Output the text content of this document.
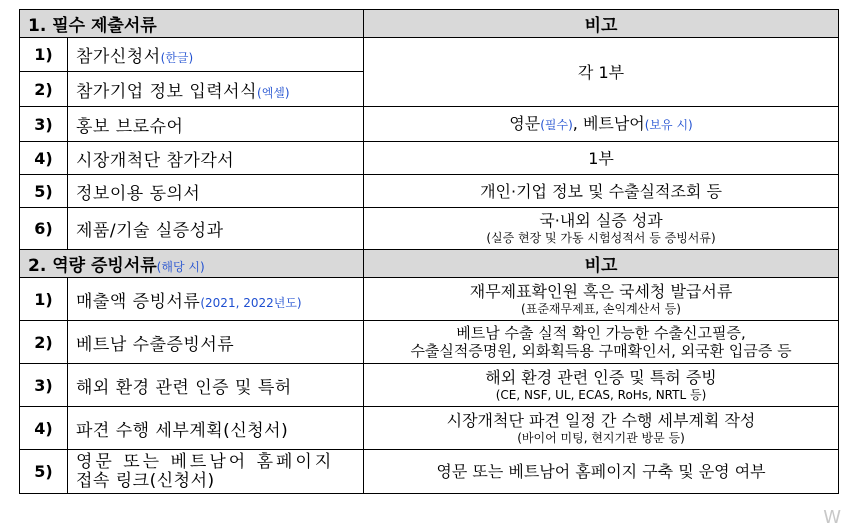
1. 필수 제출서류		비고
1)	참가신청서(한글)	각 1부
2)	참가기업 정보 입력서식(엑셀)	
3)	홍보 브로슈어	영문(필수), 베트남어(보유 시)
4)	시장개척단 참가각서	1부
5)	정보이용 동의서	개인·기업 정보 및 수출실적조회 등
6)	제품/기술 실증성과	국·내외 실증 성과
(실증 현장 및 가동 시험성적서 등 증빙서류)

2. 역량 증빙서류(해당 시)		비고
1)	매출액 증빙서류(2021, 2022년도)	재무제표확인원 혹은 국세청 발급서류
(표준재무제표, 손익계산서 등)

2)	베트남 수출증빙서류	베트남 수출 실적 확인 가능한 수출신고필증,
수출실적증명원, 외화획득용 구매확인서, 외국환 입금증 등

3)	해외 환경 관련 인증 및 특허	해외 환경 관련 인증 및 특허 증빙
(CE, NSF, UL, ECAS, RoHs, NRTL 등)

4)	파견 수행 세부계획(신청서)	시장개척단 파견 일정 간 수행 세부계획 작성
(바이어 미팅, 현지기관 방문 등)

5)	영문 또는 베트남어 홈페이지
접속 링크(신청서)	영문 또는 베트남어 홈페이지 구축 및 운영 여부
W
